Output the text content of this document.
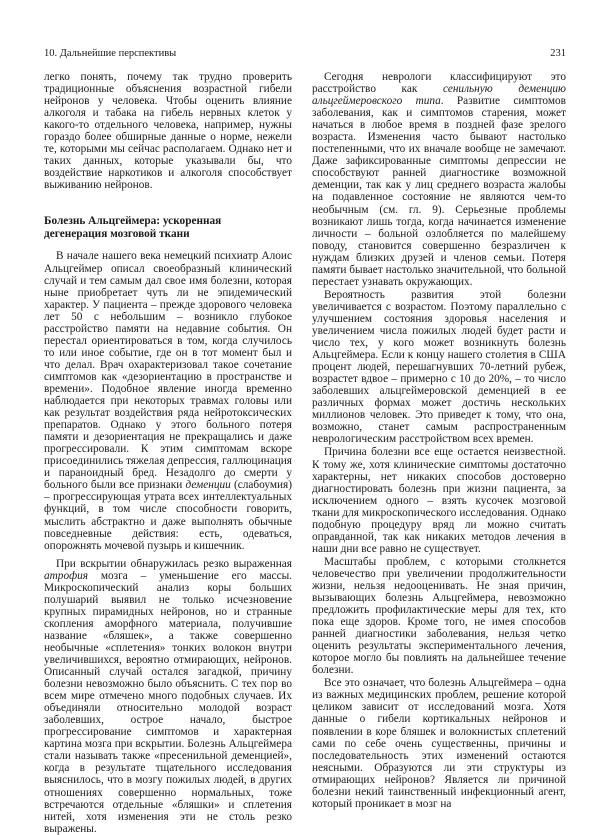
10. Дальнейшие перспективы	231

легко понять, почему так трудно проверить традиционные объяснения возрастной гибели нейронов у человека. Чтобы оценить влияние алкоголя и табака на гибель нервных клеток у какого-то отдельного человека, например, нужны гораздо более обширные данные о норме, нежели те, которыми мы сейчас располагаем. Однако нет и таких данных, которые указывали бы, что воздействие наркотиков и алкоголя способствует выживанию нейронов.

Болезнь Альцгеймера: ускоренная
дегенерация мозговой ткани

В начале нашего века немецкий психиатр Алоис Альцгеймер описал своеобразный клинический случай и тем самым дал свое имя болезни, которая ныне приобретает чуть ли не эпидемический характер. У пациента – прежде здорового человека лет 50 с небольшим – возникло глубокое расстройство памяти на недавние события. Он перестал ориентироваться в том, когда случилось то или иное событие, где он в тот момент был и что делал. Врач охарактеризовал такое сочетание симптомов как «дезориентацию в пространстве и времени». Подобное явление иногда временно наблюдается при некоторых травмах головы или как результат воздействия ряда нейротоксических препаратов. Однако у этого больного потеря памяти и дезориентация не прекращались и даже прогрессировали. К этим симптомам вскоре присоединились тяжелая депрессия, галлюцинация и параноидный бред. Незадолго до смерти у больного были все признаки деменции (слабоумия) – прогрессирующая утрата всех интеллектуальных функций, в том числе способности говорить, мыслить абстрактно и даже выполнять обычные повседневные действия: есть, одеваться, опорожнять мочевой пузырь и кишечник.

При вскрытии обнаружилась резко выраженная атрофия мозга – уменьшение его массы. Микроскопический анализ коры больших полушарий выявил не только исчезновение крупных пирамидных нейронов, но и странные скопления аморфного материала, получившие название «бляшек», а также совершенно необычные «сплетения» тонких волокон внутри увеличившихся, вероятно отмирающих, нейронов. Описанный случай остался загадкой, причину болезни невозможно было объяснить. С тех пор во всем мире отмечено много подобных случаев. Их объединяли относительно молодой возраст заболевших, острое начало, быстрое прогрессирование симптомов и характерная картина мозга при вскрытии. Болезнь Альцгеймера стали называть также «пресенильной деменцией», когда в результате тщательного исследования выяснилось, что в мозгу пожилых людей, в других отношениях совершенно нормальных, тоже встречаются отдельные «бляшки» и сплетения нитей, хотя изменения эти не столь резко выражены.

Сегодня неврологи классифицируют это расстройство как сенильную деменцию альцгеймеровского типа. Развитие симптомов заболевания, как и симптомов старения, может начаться в любое время в поздней фазе зрелого возраста. Изменения часто бывают настолько постепенными, что их вначале вообще не замечают. Даже зафиксированные симптомы депрессии не способствуют ранней диагностике возможной деменции, так как у лиц среднего возраста жалобы на подавленное состояние не являются чем-то необычным (см. гл. 9). Серьезные проблемы возникают лишь тогда, когда начинается изменение личности – больной озлобляется по малейшему поводу, становится совершенно безразличен к нуждам близких друзей и членов семьи. Потеря памяти бывает настолько значительной, что больной перестает узнавать окружающих.

Вероятность развития этой болезни увеличивается с возрастом. Поэтому параллельно с улучшением состояния здоровья населения и увеличением числа пожилых людей будет расти и число тех, у кого может возникнуть болезнь Альцгеймера. Если к концу нашего столетия в США процент людей, перешагнувших 70-летний рубеж, возрастет вдвое – примерно с 10 до 20%, – то число заболевших альцгеймеровской деменцией в ее различных формах может достичь нескольких миллионов человек. Это приведет к тому, что она, возможно, станет самым распространенным неврологическим расстройством всех времен.

Причина болезни все еще остается неизвестной. К тому же, хотя клинические симптомы достаточно характерны, нет никаких способов достоверно диагностировать болезнь при жизни пациента, за исключением одного – взять кусочек мозговой ткани для микроскопического исследования. Однако подобную процедуру вряд ли можно считать оправданной, так как никаких методов лечения в наши дни все равно не существует.

Масштабы проблем, с которыми столкнется человечество при увеличении продолжительности жизни, нельзя недооценивать. Не зная причин, вызывающих болезнь Альцгеймера, невозможно предложить профилактические меры для тех, кто пока еще здоров. Кроме того, не имея способов ранней диагностики заболевания, нельзя четко оценить результаты экспериментального лечения, которое могло бы повлиять на дальнейшее течение болезни.

Все это означает, что болезнь Альцгеймера – одна из важных медицинских проблем, решение которой целиком зависит от исследований мозга. Хотя данные о гибели кортикальных нейронов и появлении в коре бляшек и волокнистых сплетений сами по себе очень существенны, причины и последовательность этих изменений остаются неясными. Образуются ли эти структуры из отмирающих нейронов? Является ли причиной болезни некий таинственный инфекционный агент, который проникает в мозг на
